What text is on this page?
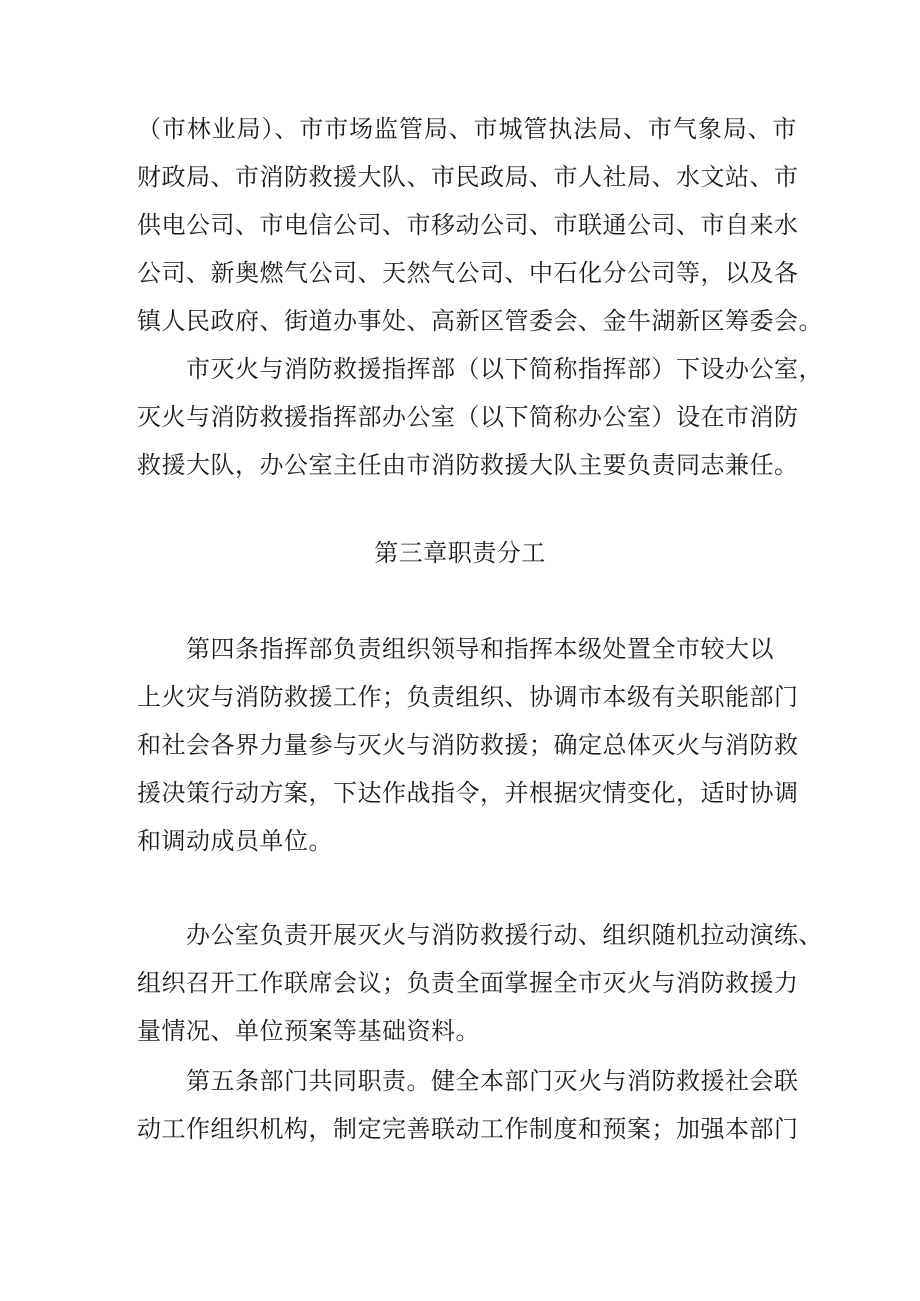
（市林业局）、市市场监管局、市城管执法局、市气象局、市
财政局、市消防救援大队、市民政局、市人社局、水文站、市
供电公司、市电信公司、市移动公司、市联通公司、市自来水
公司、新奥燃气公司、天然气公司、中石化分公司等，以及各
镇人民政府、街道办事处、高新区管委会、金牛湖新区筹委会。
市灭火与消防救援指挥部（以下简称指挥部）下设办公室，
灭火与消防救援指挥部办公室（以下简称办公室）设在市消防
救援大队，办公室主任由市消防救援大队主要负责同志兼任。
第三章职责分工
第四条指挥部负责组织领导和指挥本级处置全市较大以
上火灾与消防救援工作；负责组织、协调市本级有关职能部门
和社会各界力量参与灭火与消防救援；确定总体灭火与消防救
援决策行动方案，下达作战指令，并根据灾情变化，适时协调
和调动成员单位。
办公室负责开展灭火与消防救援行动、组织随机拉动演练、
组织召开工作联席会议；负责全面掌握全市灭火与消防救援力
量情况、单位预案等基础资料。
第五条部门共同职责。健全本部门灭火与消防救援社会联
动工作组织机构，制定完善联动工作制度和预案；加强本部门
